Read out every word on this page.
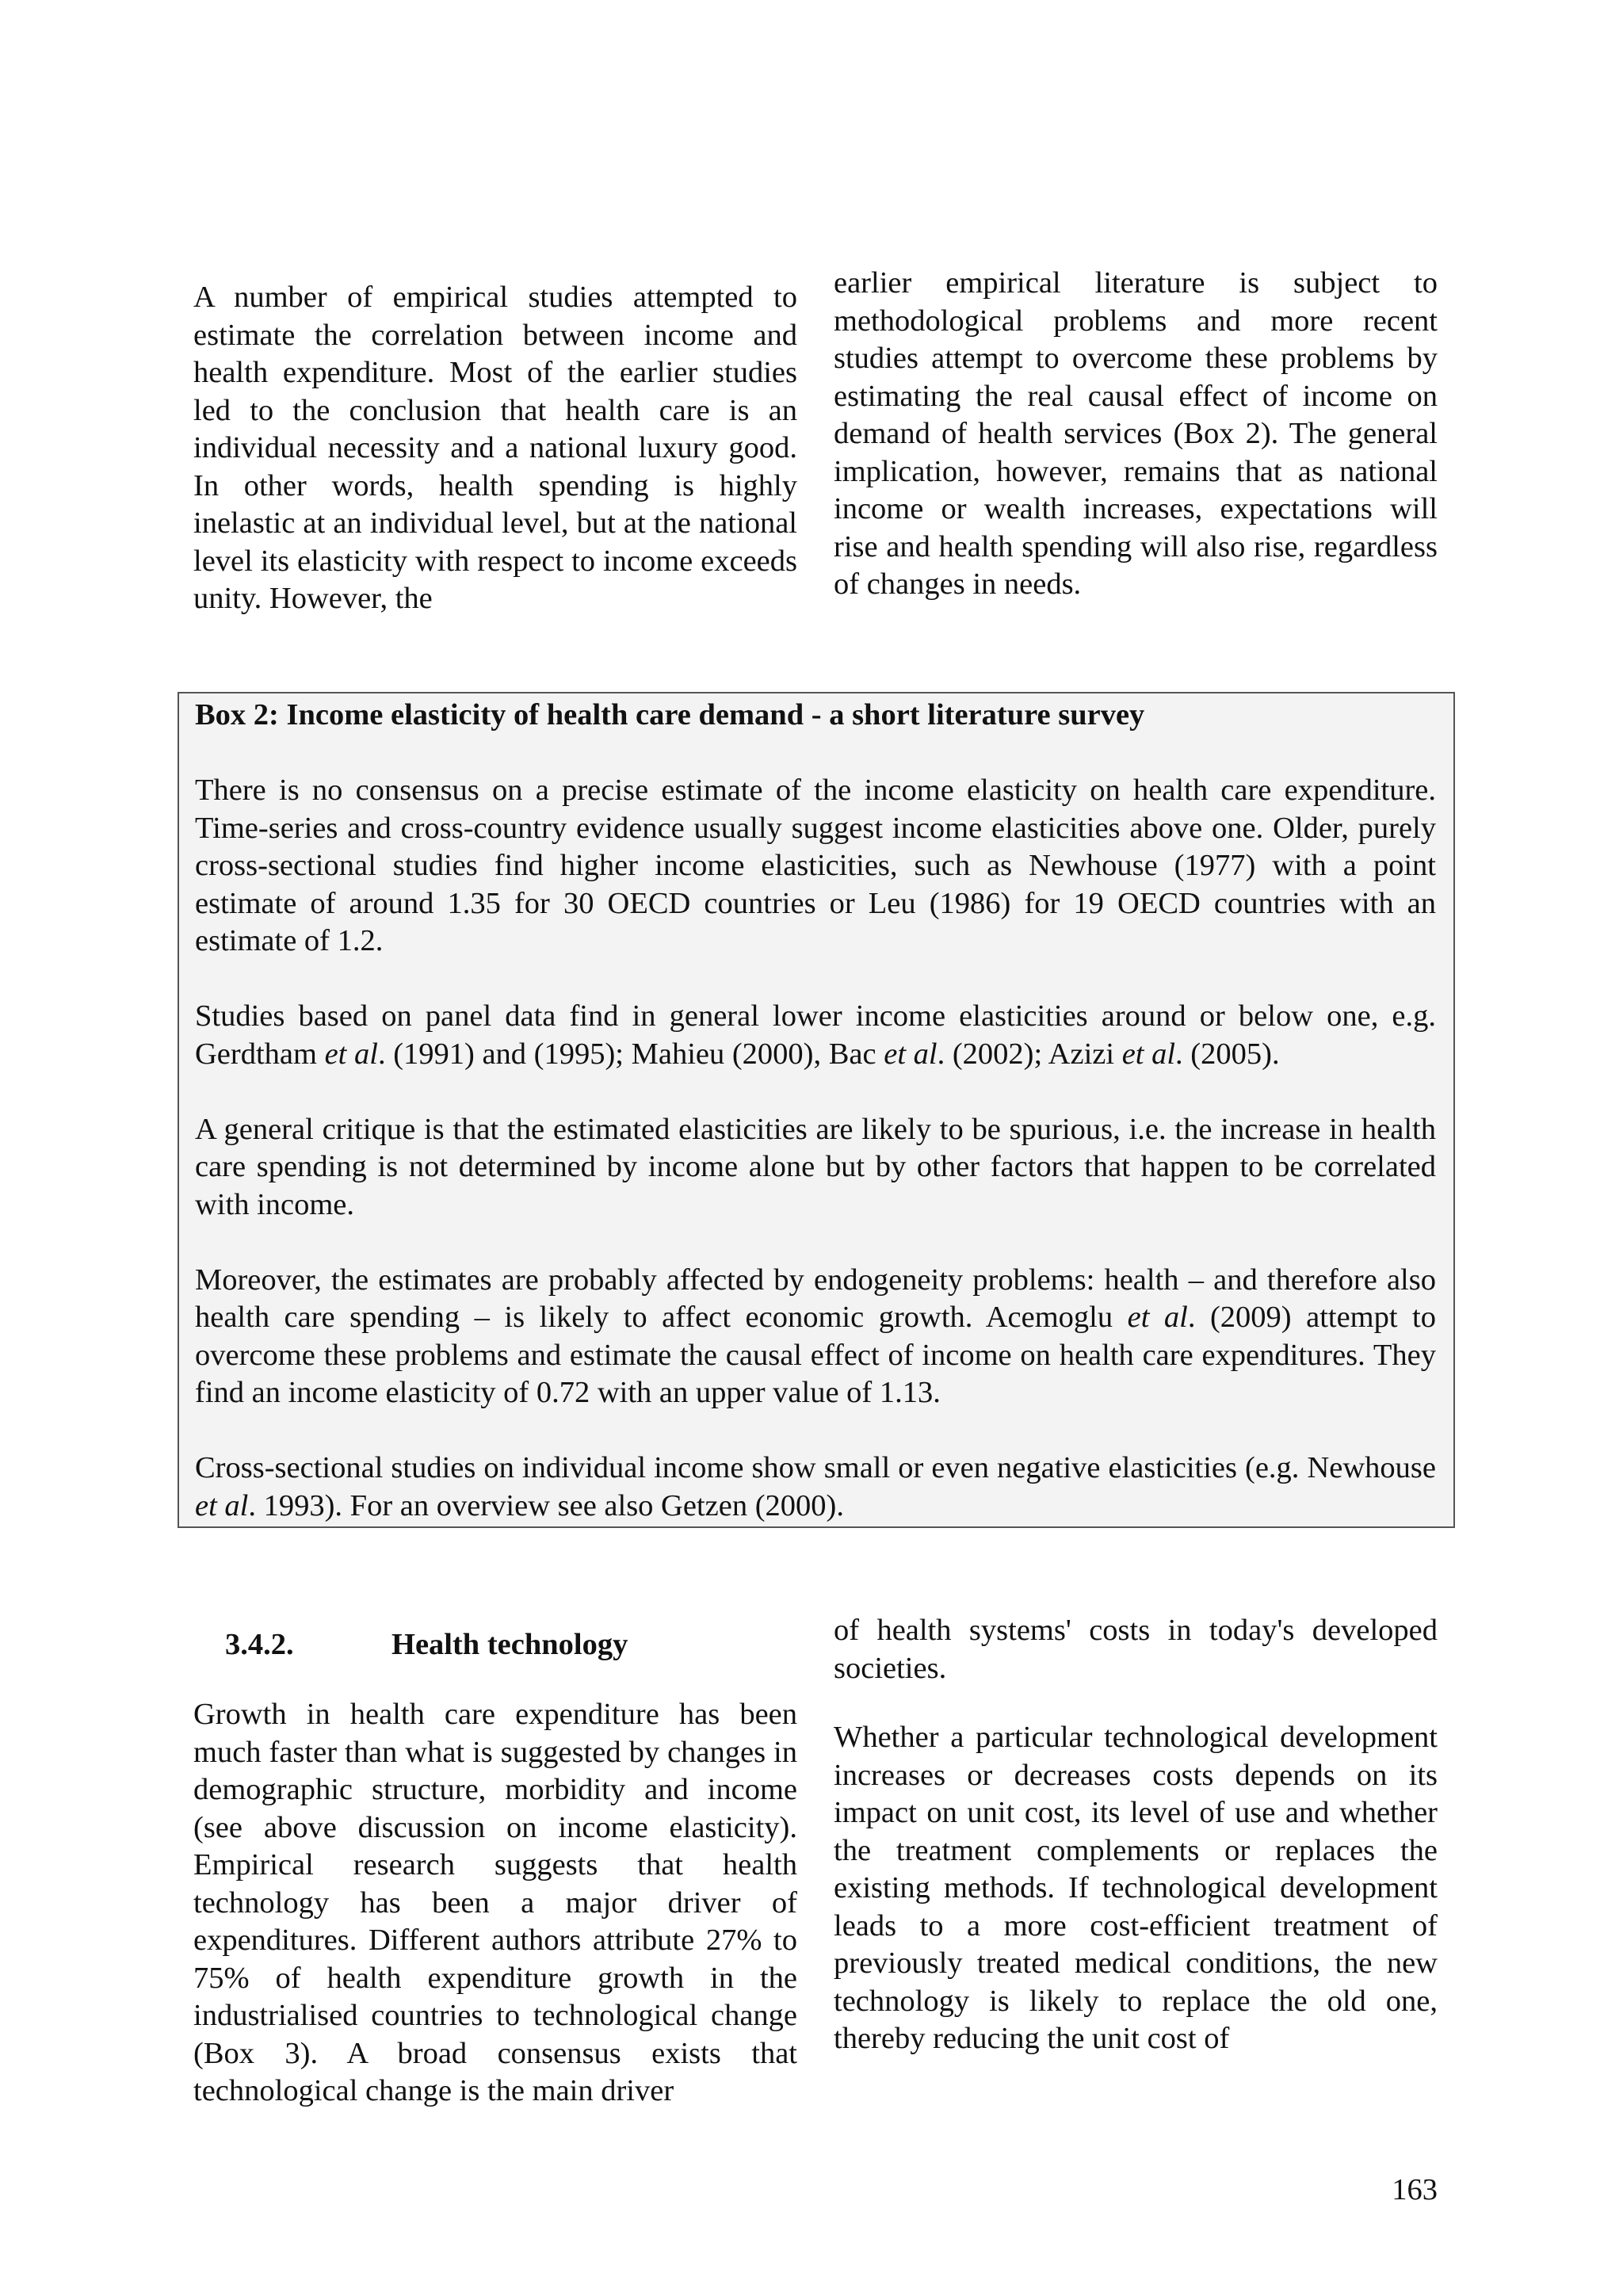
A number of empirical studies attempted to estimate the correlation between income and health expenditure. Most of the earlier studies led to the conclusion that health care is an individual necessity and a national luxury good. In other words, health spending is highly inelastic at an individual level, but at the national level its elasticity with respect to income exceeds unity. However, the

earlier empirical literature is subject to methodological problems and more recent studies attempt to overcome these problems by estimating the real causal effect of income on demand of health services (Box 2). The general implication, however, remains that as national income or wealth increases, expectations will rise and health spending will also rise, regardless of changes in needs.

Box 2: Income elasticity of health care demand - a short literature survey

There is no consensus on a precise estimate of the income elasticity on health care expenditure. Time-series and cross-country evidence usually suggest income elasticities above one. Older, purely cross-sectional studies find higher income elasticities, such as Newhouse (1977) with a point estimate of around 1.35 for 30 OECD countries or Leu (1986) for 19 OECD countries with an estimate of 1.2.

Studies based on panel data find in general lower income elasticities around or below one, e.g. Gerdtham et al. (1991) and (1995); Mahieu (2000), Bac et al. (2002); Azizi et al. (2005).

A general critique is that the estimated elasticities are likely to be spurious, i.e. the increase in health care spending is not determined by income alone but by other factors that happen to be correlated with income.

Moreover, the estimates are probably affected by endogeneity problems: health – and therefore also health care spending – is likely to affect economic growth. Acemoglu et al. (2009) attempt to overcome these problems and estimate the causal effect of income on health care expenditures. They find an income elasticity of 0.72 with an upper value of 1.13.

Cross-sectional studies on individual income show small or even negative elasticities (e.g. Newhouse et al. 1993). For an overview see also Getzen (2000).

3.4.2.	Health technology

Growth in health care expenditure has been much faster than what is suggested by changes in demographic structure, morbidity and income (see above discussion on income elasticity). Empirical research suggests that health technology has been a major driver of expenditures. Different authors attribute 27% to 75% of health expenditure growth in the industrialised countries to technological change (Box 3). A broad consensus exists that technological change is the main driver

of health systems' costs in today's developed societies.

Whether a particular technological development increases or decreases costs depends on its impact on unit cost, its level of use and whether the treatment complements or replaces the existing methods. If technological development leads to a more cost-efficient treatment of previously treated medical conditions, the new technology is likely to replace the old one, thereby reducing the unit cost of

163
